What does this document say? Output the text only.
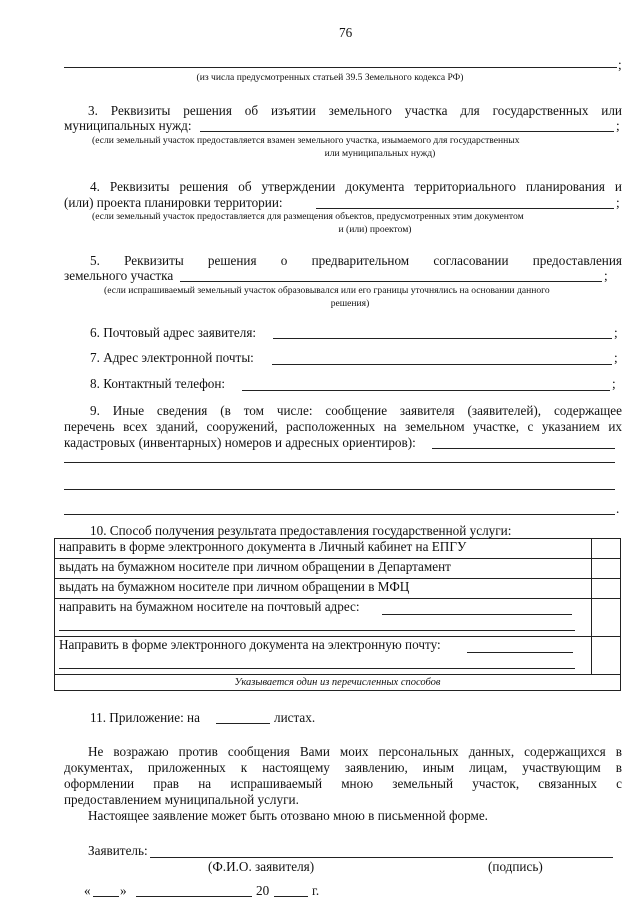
76
;
(из числа предусмотренных статьей 39.5 Земельного кодекса РФ)
3. Реквизиты решения об изъятии земельного участка для государственных или
муниципальных нужд:	;
(если земельный участок предоставляется взамен земельного участка, изымаемого для государственных
или муниципальных нужд)
4. Реквизиты решения об утверждении документа территориального планирования и
(или) проекта планировки территории:	;
(если земельный участок предоставляется для размещения объектов, предусмотренных этим документом
и (или) проектом)
5. Реквизиты решения о предварительном согласовании предоставления
земельного участка	;
(если испрашиваемый земельный участок образовывался или его границы уточнялись на основании данного
решения)
6. Почтовый адрес заявителя:	;
7. Адрес электронной почты:	;
8. Контактный телефон:	;
9. Иные сведения (в том числе: сообщение заявителя (заявителей), содержащее
перечень всех зданий, сооружений, расположенных на земельном участке, с указанием их
кадастровых (инвентарных) номеров и адресных ориентиров):
.
10. Способ получения результата предоставления государственной услуги:
направить в форме электронного документа в Личный кабинет на ЕПГУ	
выдать на бумажном носителе при личном обращении в Департамент	
выдать на бумажном носителе при личном обращении в МФЦ	
направить на бумажном носителе на почтовый адрес:

Направить в форме электронного документа на электронную почту:

Указывается один из перечисленных способов	
11. Приложение: на	листах.
Не возражаю против сообщения Вами моих персональных данных, содержащихся в
документах, приложенных к настоящему заявлению, иным лицам, участвующим в
оформлении прав на испрашиваемый мною земельный участок, связанных с
предоставлением муниципальной услуги.
Настоящее заявление может быть отозвано мною в письменной форме.
Заявитель:
(Ф.И.О. заявителя)	(подпись)
« »	20	г.
